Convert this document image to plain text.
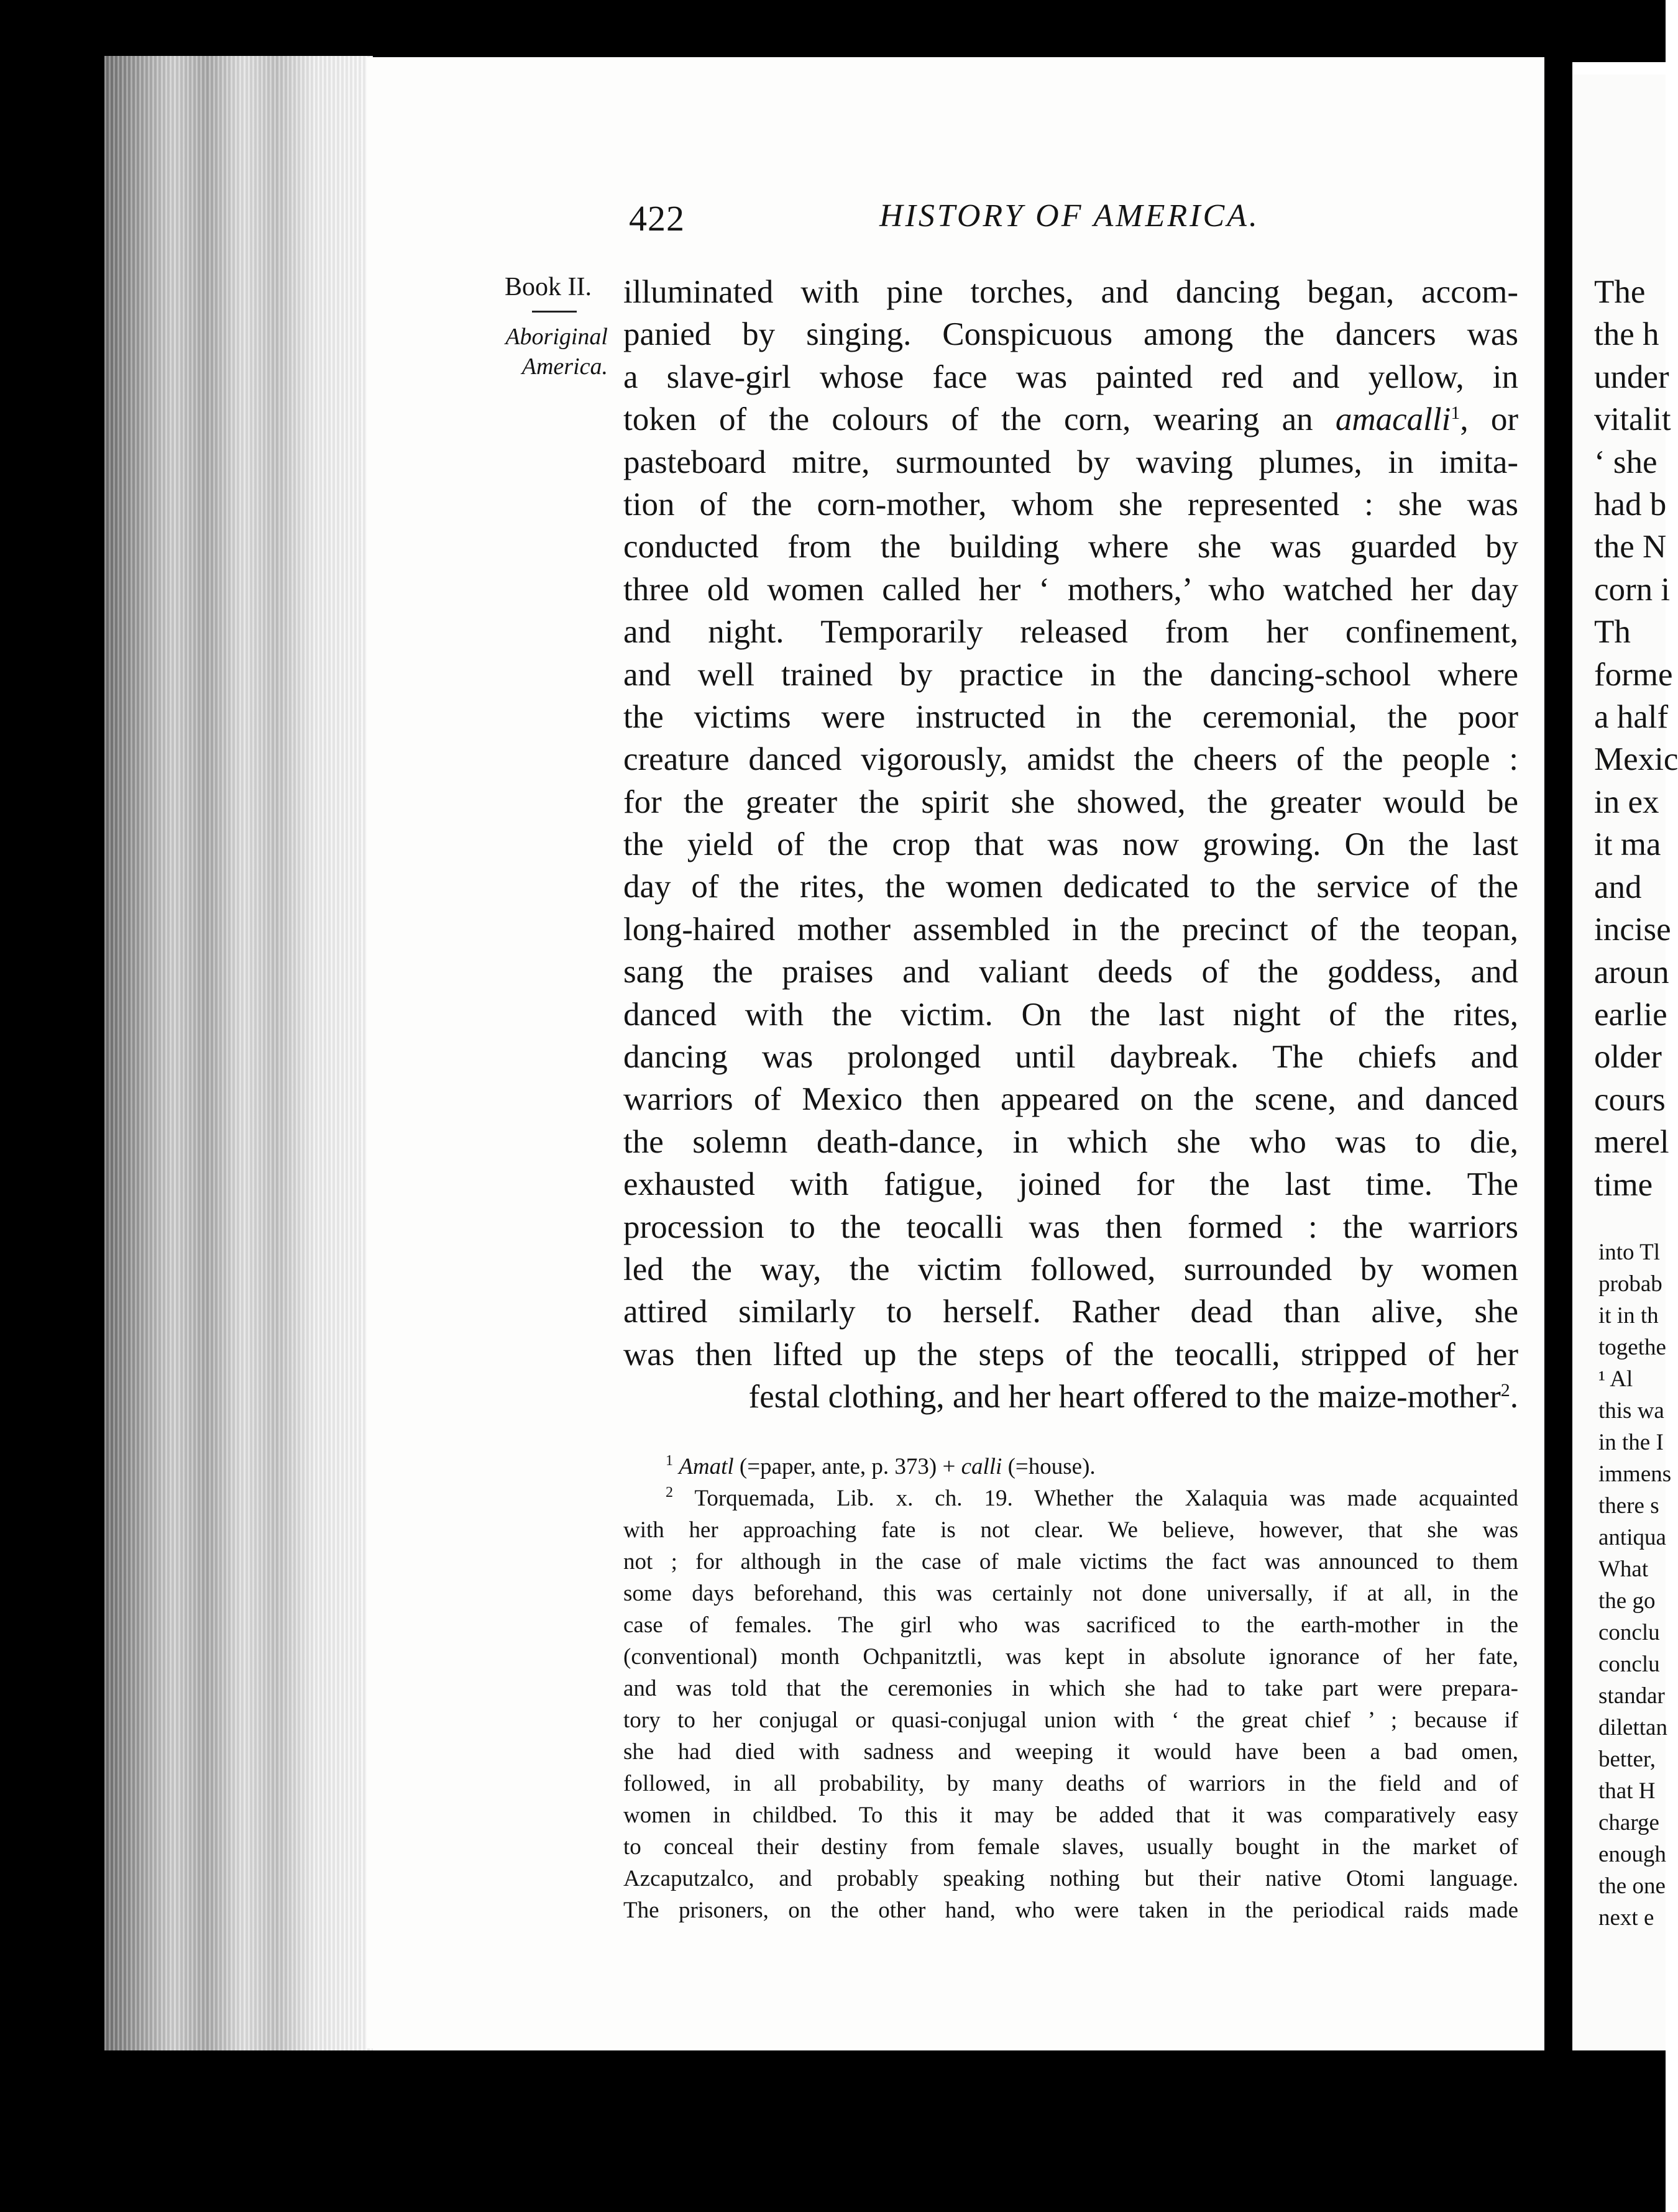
422	HISTORY OF AMERICA.
Book II.
Aboriginal
America.
illuminated with pine torches, and dancing began, accom-
panied by singing. Conspicuous among the dancers was
a slave-girl whose face was painted red and yellow, in
token of the colours of the corn, wearing an amacalli$^1$, or
pasteboard mitre, surmounted by waving plumes, in imita-
tion of the corn-mother, whom she represented : she was
conducted from the building where she was guarded by
three old women called her ‘ mothers,’ who watched her day
and night. Temporarily released from her confinement,
and well trained by practice in the dancing-school where
the victims were instructed in the ceremonial, the poor
creature danced vigorously, amidst the cheers of the people :
for the greater the spirit she showed, the greater would be
the yield of the crop that was now growing. On the last
day of the rites, the women dedicated to the service of the
long-haired mother assembled in the precinct of the teopan,
sang the praises and valiant deeds of the goddess, and
danced with the victim. On the last night of the rites,
dancing was prolonged until daybreak. The chiefs and
warriors of Mexico then appeared on the scene, and danced
the solemn death-dance, in which she who was to die,
exhausted with fatigue, joined for the last time. The
procession to the teocalli was then formed : the warriors
led the way, the victim followed, surrounded by women
attired similarly to herself. Rather dead than alive, she
was then lifted up the steps of the teocalli, stripped of her
festal clothing, and her heart offered to the maize-mother$^2$.
$^1$ Amatl (=paper, ante, p. 373) + calli (=house).
$^2$ Torquemada, Lib. x. ch. 19. Whether the Xalaquia was made acquainted
with her approaching fate is not clear. We believe, however, that she was
not ; for although in the case of male victims the fact was announced to them
some days beforehand, this was certainly not done universally, if at all, in the
case of females. The girl who was sacrificed to the earth-mother in the
(conventional) month Ochpanitztli, was kept in absolute ignorance of her fate,
and was told that the ceremonies in which she had to take part were prepara-
tory to her conjugal or quasi-conjugal union with ‘ the great chief ’ ; because if
she had died with sadness and weeping it would have been a bad omen,
followed, in all probability, by many deaths of warriors in the field and of
women in childbed. To this it may be added that it was comparatively easy
to conceal their destiny from female slaves, usually bought in the market of
Azcaputzalco, and probably speaking nothing but their native Otomi language.
The prisoners, on the other hand, who were taken in the periodical raids made
The
the h
under
vitalit
‘ she
had b
the N
corn i
Th
forme
a half
Mexic
in ex
it ma
and
incise
aroun
earlie
older
cours
merel
time
into Tl
probab
it in th
togethe
¹ Al
this wa
in the I
immens
there s
antiqua
What
the go
conclu
conclu
standar
dilettan
better,
that H
charge
enough
the one
next e
